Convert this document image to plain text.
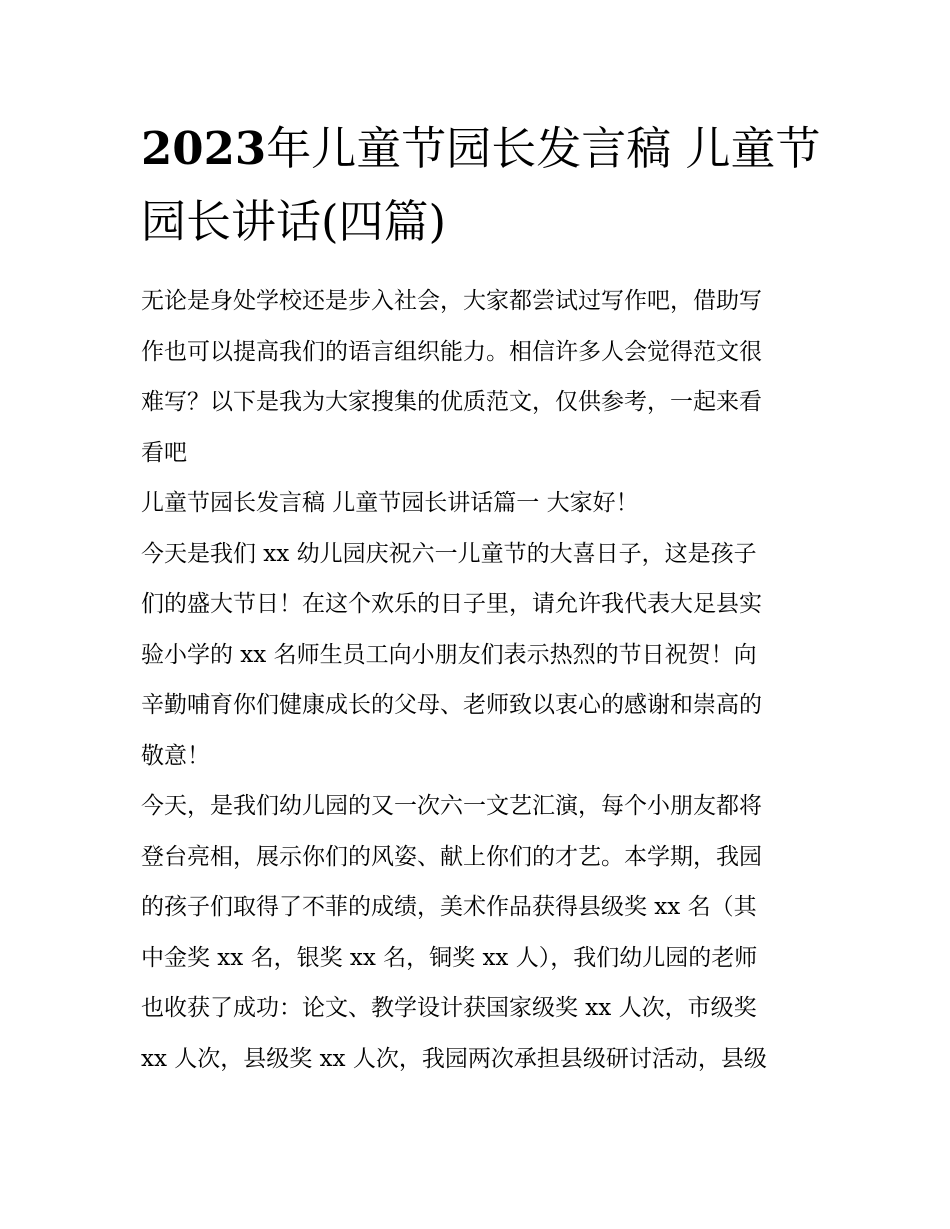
2023年儿童节园长发言稿 儿童节园长讲话(四篇)

无论是身处学校还是步入社会，大家都尝试过写作吧，借助写

作也可以提高我们的语言组织能力。相信许多人会觉得范文很

难写？以下是我为大家搜集的优质范文，仅供参考，一起来看

看吧

儿童节园长发言稿 儿童节园长讲话篇一 大家好！

今天是我们 xx 幼儿园庆祝六一儿童节的大喜日子，这是孩子

们的盛大节日！在这个欢乐的日子里，请允许我代表大足县实

验小学的 xx 名师生员工向小朋友们表示热烈的节日祝贺！向

辛勤哺育你们健康成长的父母、老师致以衷心的感谢和崇高的

敬意！

今天，是我们幼儿园的又一次六一文艺汇演，每个小朋友都将

登台亮相，展示你们的风姿、献上你们的才艺。本学期，我园

的孩子们取得了不菲的成绩，美术作品获得县级奖 xx 名（其

中金奖 xx 名，银奖 xx 名，铜奖 xx 人），我们幼儿园的老师

也收获了成功：论文、教学设计获国家级奖 xx 人次，市级奖

xx 人次，县级奖 xx 人次，我园两次承担县级研讨活动，县级
